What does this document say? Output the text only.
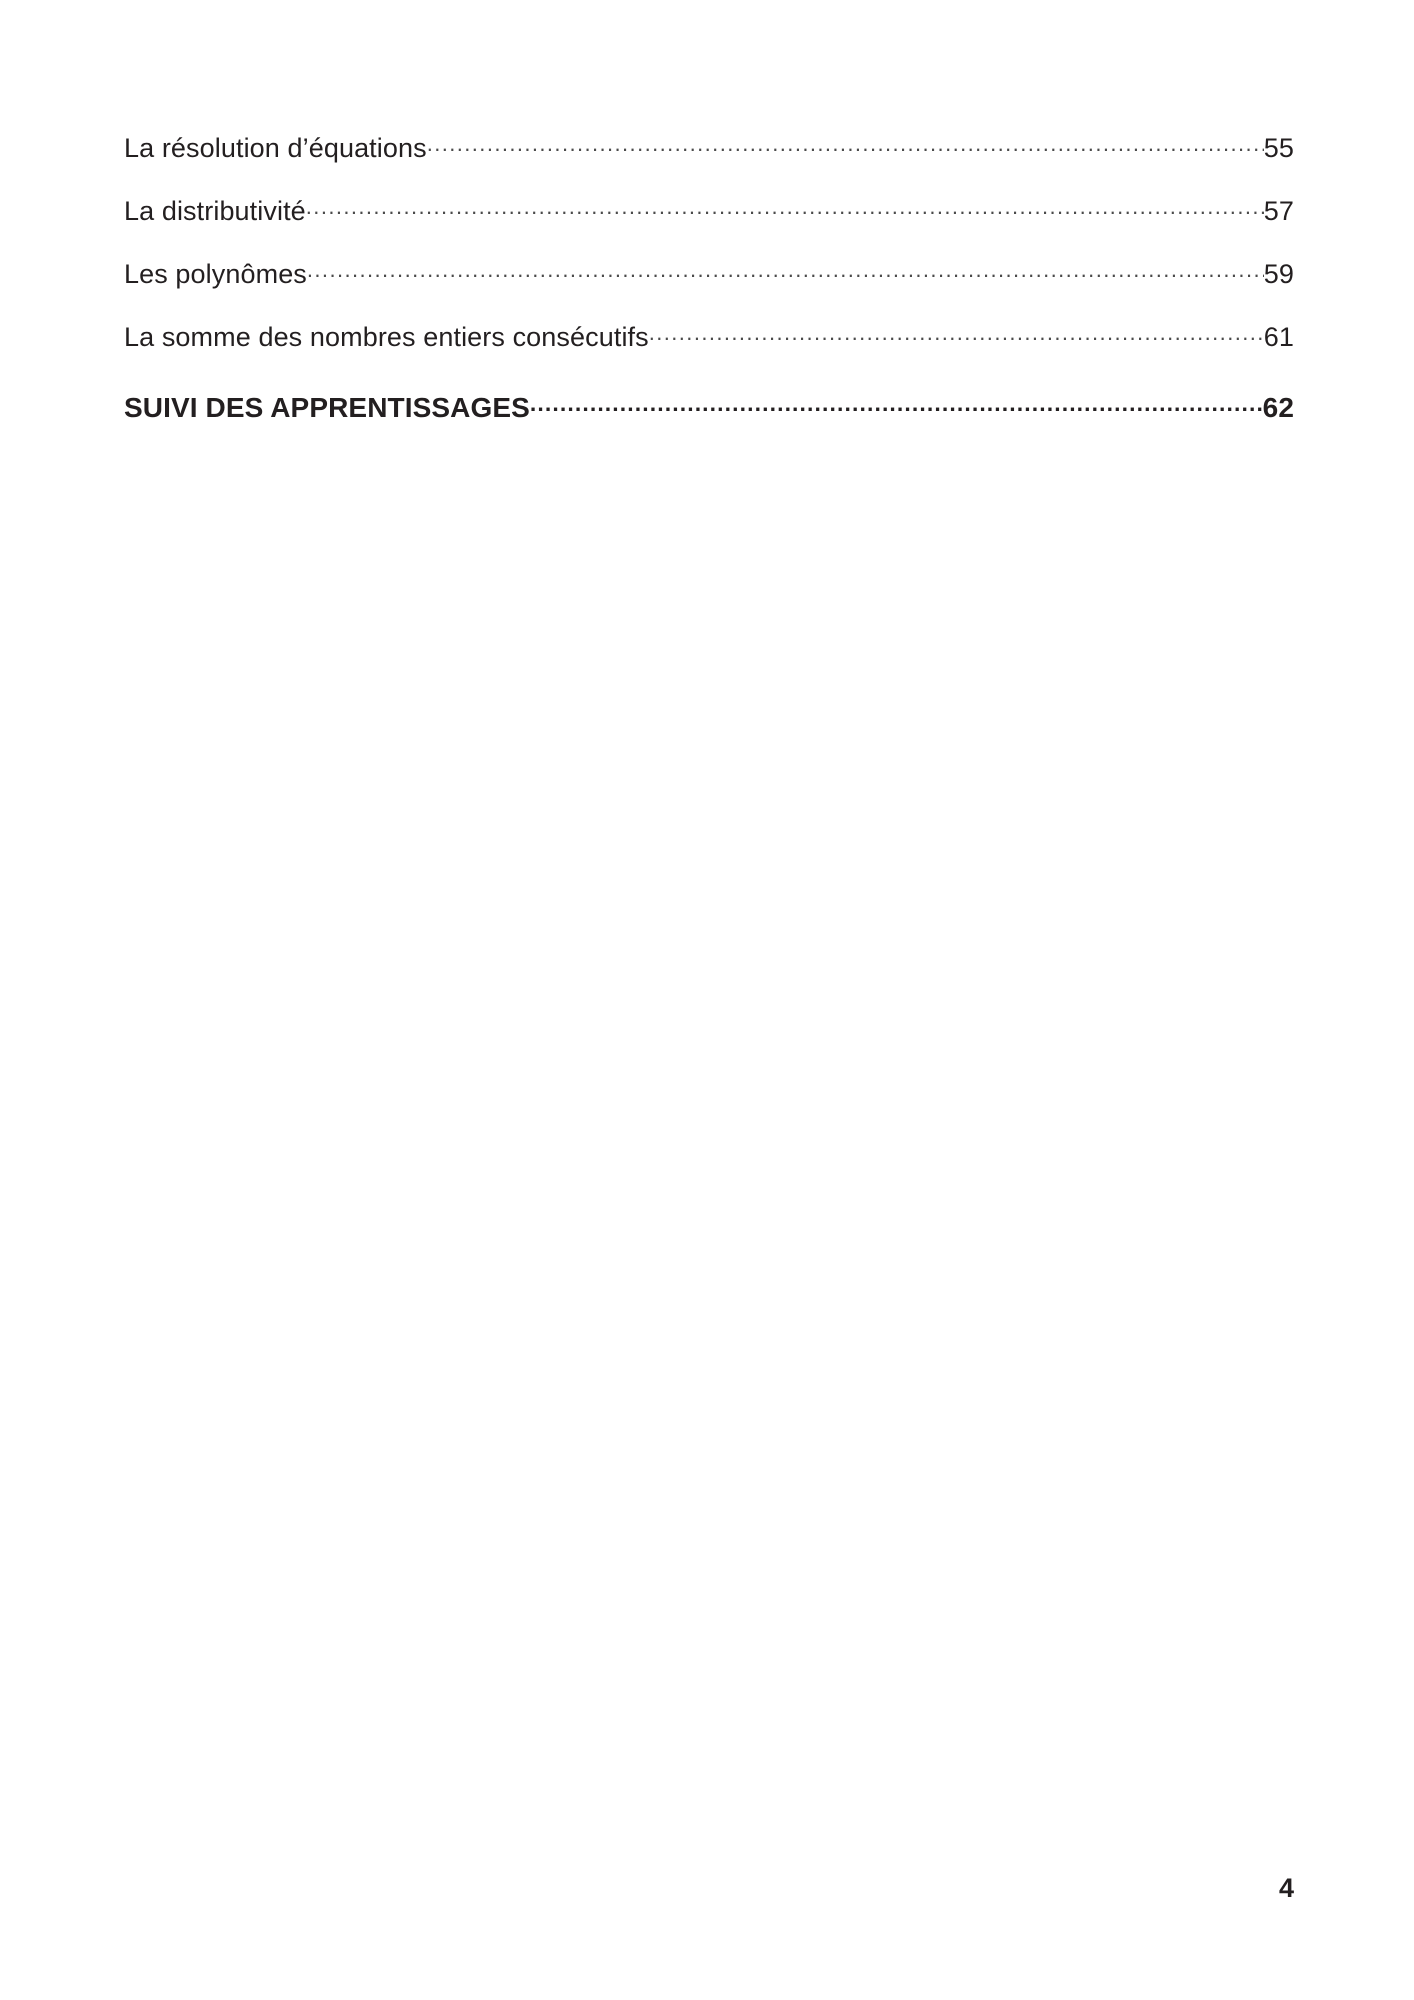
La résolution d’équations .....	55
La distributivité .....	57
Les polynômes .....	59
La somme des nombres entiers consécutifs .....	61
SUIVI DES APPRENTISSAGES .....	62
4
